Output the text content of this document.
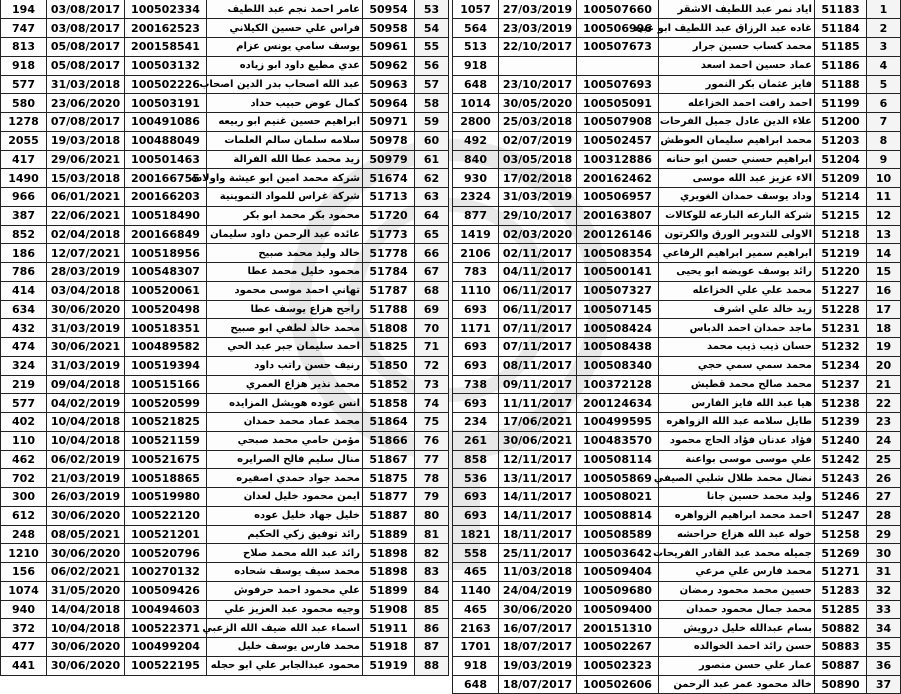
194	03/08/2017	100502334	عامر احمد نجم عبد اللطيف	50954	53
747	03/08/2017	200162523	فراس علي حسين الكيلاني	50958	54
813	05/08/2017	200158541	يوسف سامي يونس عزام	50961	55
918	05/08/2017	100503132	عدي مطيع داود ابو زياده	50962	56
577	31/03/2018	100502226	عبد الله اصحاب بدر الدين اصحاب	50963	57
580	23/06/2020	100503191	كمال عوض حبيب حداد	50964	58
1278	07/08/2017	100491086	ابراهيم حسين غنيم ابو ربيعه	50971	59
2055	19/03/2018	100488049	سلامه سلمان سالم العلمات	50978	60
417	29/06/2021	100501463	زيد محمد عطا الله الفرالة	50979	61
1490	15/03/2018	200166755	شركة محمد امين ابو عيشة واولاده	51674	62
966	06/01/2021	200166203	شركة غراس للمواد التموينية	51713	63
387	22/06/2021	100518490	محمود بكر محمد ابو بكر	51720	64
852	02/04/2018	200166849	عائده عبد الرحمن داود سليمان	51773	65
186	12/07/2021	100518956	خالد وليد محمد صبيح	51778	66
786	28/03/2019	100548307	محمود خليل محمد عطا	51784	67
414	03/04/2018	100520061	تهاني احمد موسى محمود	51787	68
634	30/06/2020	100520498	راجح هزاع يوسف عطا	51788	69
432	31/03/2019	100518351	محمد خالد لطفي ابو صبيح	51808	70
474	30/06/2021	100489582	احمد سليمان جبر عبد الحي	51825	71
324	31/03/2019	100519394	رنيف حسن راتب داود	51850	72
219	09/04/2018	100515166	محمد نذير هزاع العمري	51852	73
577	04/02/2019	100520599	انس عوده هويشل المزايده	51858	74
402	10/04/2018	100521825	محمد عماد محمد حمدان	51864	75
110	10/04/2018	100521159	مؤمن حامي محمد صبحي	51866	76
462	06/02/2019	100521675	منال سليم فالح الصرايره	51867	77
702	21/03/2019	100518865	محمد جواد حمدي اصفيره	51875	78
300	26/03/2019	100519980	ايمن محمود خليل لعدان	51877	79
612	30/06/2020	100522120	خليل جهاد خليل عوده	51887	80
248	08/05/2021	100521201	رائد توفيق زكي الحكيم	51889	81
1210	30/06/2020	100520796	رائد عبد الله محمد صلاح	51898	82
156	06/02/2021	100270132	محمد سيف يوسف شحاده	51898	83
1074	31/05/2020	100509426	علي محمود احمد حرفوش	51899	84
940	14/04/2018	100494603	وجيه محمود عبد العزيز علي	51908	85
372	10/04/2018	100522371	اسماء عبد الله ضيف الله الزعبي	51911	86
477	30/06/2020	100499204	محمد فارس يوسف خليل	51918	87
441	30/06/2020	100522195	محمود عبدالجابر علي ابو حجله	51919	88
1057	27/03/2019	100507660	اياد نمر عبد اللطيف الاشقر	51183	1
564	23/03/2019	100506996	غاده عبد الرزاق عبد اللطيف ابو عبيد	51184	2
513	22/10/2017	100507673	محمد كساب حسين جرار	51185	3
918			عماد حسين احمد اسعد	51186	4
648	23/10/2017	100507693	فايز عثمان بكر النمور	51188	5
1014	30/05/2020	100505091	احمد رافت احمد الخزاعله	51199	6
2800	25/03/2018	100507908	علاء الدين عادل جميل الفرحات	51200	7
492	02/07/2019	100502457	محمد ابراهيم سليمان العوطش	51203	8
840	03/05/2018	100312886	ابراهيم حسني حسن ابو حنانه	51204	9
930	17/02/2018	200162462	الاء عزيز عبد الله موسى	51209	10
2324	31/03/2019	100506957	وداد يوسف حمدان الغويري	51214	11
877	29/10/2017	200163807	شركة البارعه البارعه للوكالات	51215	12
1419	02/03/2020	200126146	الاولى للتدوير الورق والكرتون	51218	13
2106	02/11/2017	100508354	ابراهيم سمير ابراهيم الرفاعي	51219	14
783	04/11/2017	100500141	رائد يوسف عويضه ابو يحيى	51220	15
1110	06/11/2017	100507327	محمد علي علي الخزاعله	51227	16
693	06/11/2017	100507145	زيد خالد علي اشرف	51228	17
1171	07/11/2017	100508424	ماجد حمدان احمد الدباس	51231	18
693	07/11/2017	100508438	حسان ذيب ذيب محمد	51232	19
693	08/11/2017	100508340	محمد سمي سمي حجي	51234	20
738	09/11/2017	100372128	محمد صالح محمد قطيش	51237	21
693	11/11/2017	200124634	هيا عبد الله فايز الفارس	51238	22
234	17/06/2021	100499595	طايل سلامه عبد الله الزواهره	51239	23
261	30/06/2021	100483570	فؤاد عدنان فؤاد الحاج محمود	51240	24
858	12/11/2017	100508114	علي موسى موسى بواعنة	51242	25
536	13/11/2017	100505869	نضال محمد طلال شلبي الصيفي	51243	26
693	14/11/2017	100508021	وليد محمد حسين جانا	51246	27
693	14/11/2017	100508814	احمد محمد ابراهيم الزواهره	51247	28
1821	18/11/2017	100508589	خوله عبد الله هزاع حراحشه	51258	29
558	25/11/2017	100503642	جميله محمد عبد القادر الفريحات	51269	30
465	11/03/2018	100509404	محمد فارس علي مرعي	51271	31
1140	24/04/2019	100509680	حسين محمد محمود رمضان	51283	32
465	30/06/2020	100509400	محمد جمال محمود حمدان	51285	33
2163	16/07/2017	200151310	بسام عبدالله خليل درويش	50882	34
1701	18/07/2017	100502267	حسن رائد احمد الخوالده	50883	35
918	19/03/2019	100502323	عمار علي حسن منصور	50887	36
648	18/07/2017	100502606	خالد محمود عمر عبد الرحمن	50890	37
